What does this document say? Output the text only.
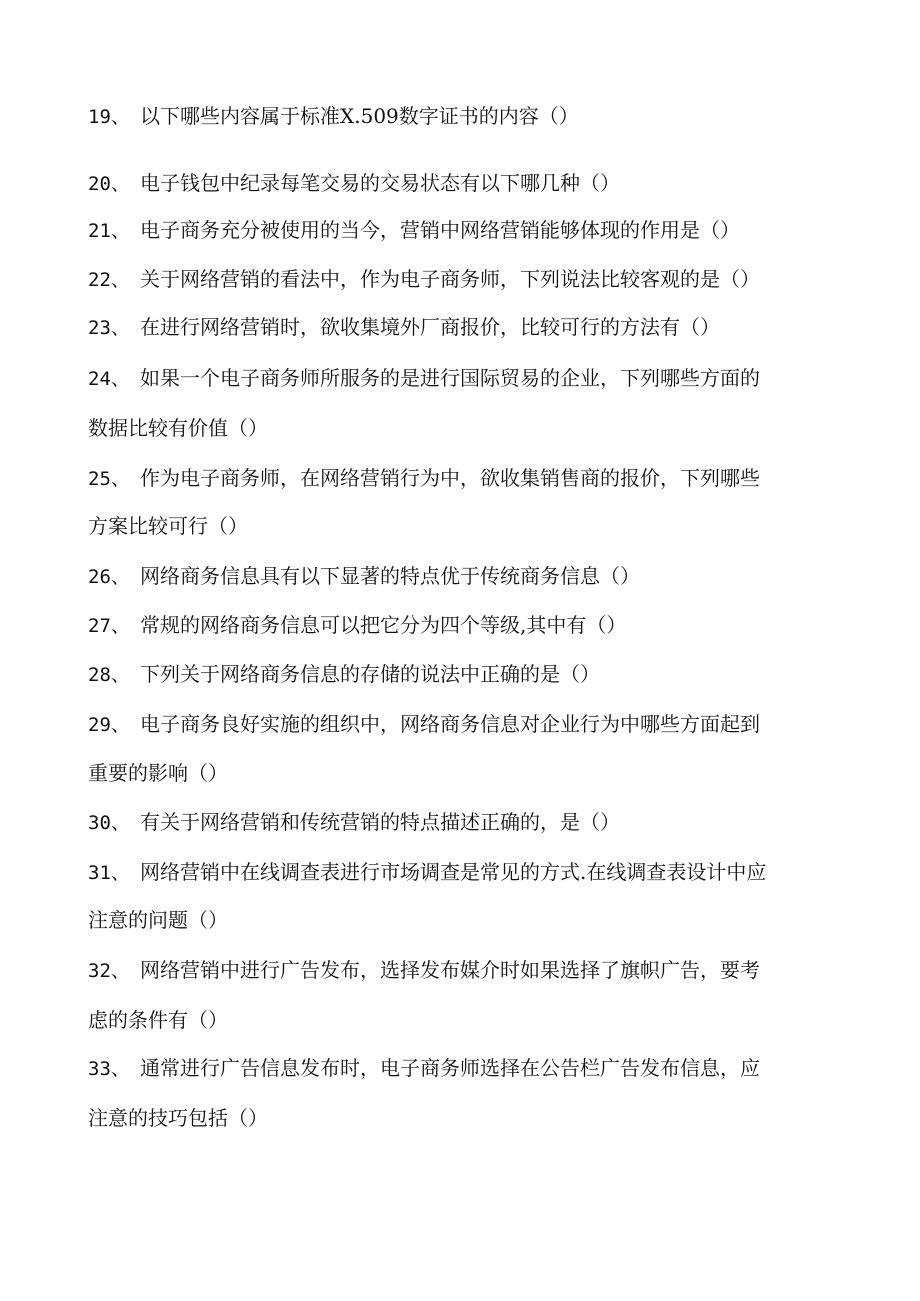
19、 以下哪些内容属于标准X.509数字证书的内容（）
20、 电子钱包中纪录每笔交易的交易状态有以下哪几种（）
21、 电子商务充分被使用的当今，营销中网络营销能够体现的作用是（）
22、 关于网络营销的看法中，作为电子商务师，下列说法比较客观的是（）
23、 在进行网络营销时，欲收集境外厂商报价，比较可行的方法有（）
24、 如果一个电子商务师所服务的是进行国际贸易的企业，下列哪些方面的
数据比较有价值（）
25、 作为电子商务师，在网络营销行为中，欲收集销售商的报价，下列哪些
方案比较可行（）
26、 网络商务信息具有以下显著的特点优于传统商务信息（）
27、 常规的网络商务信息可以把它分为四个等级,其中有（）
28、 下列关于网络商务信息的存储的说法中正确的是（）
29、 电子商务良好实施的组织中，网络商务信息对企业行为中哪些方面起到
重要的影响（）
30、 有关于网络营销和传统营销的特点描述正确的，是（）
31、 网络营销中在线调查表进行市场调查是常见的方式.在线调查表设计中应
注意的问题（）
32、 网络营销中进行广告发布，选择发布媒介时如果选择了旗帜广告，要考
虑的条件有（）
33、 通常进行广告信息发布时，电子商务师选择在公告栏广告发布信息，应
注意的技巧包括（）
